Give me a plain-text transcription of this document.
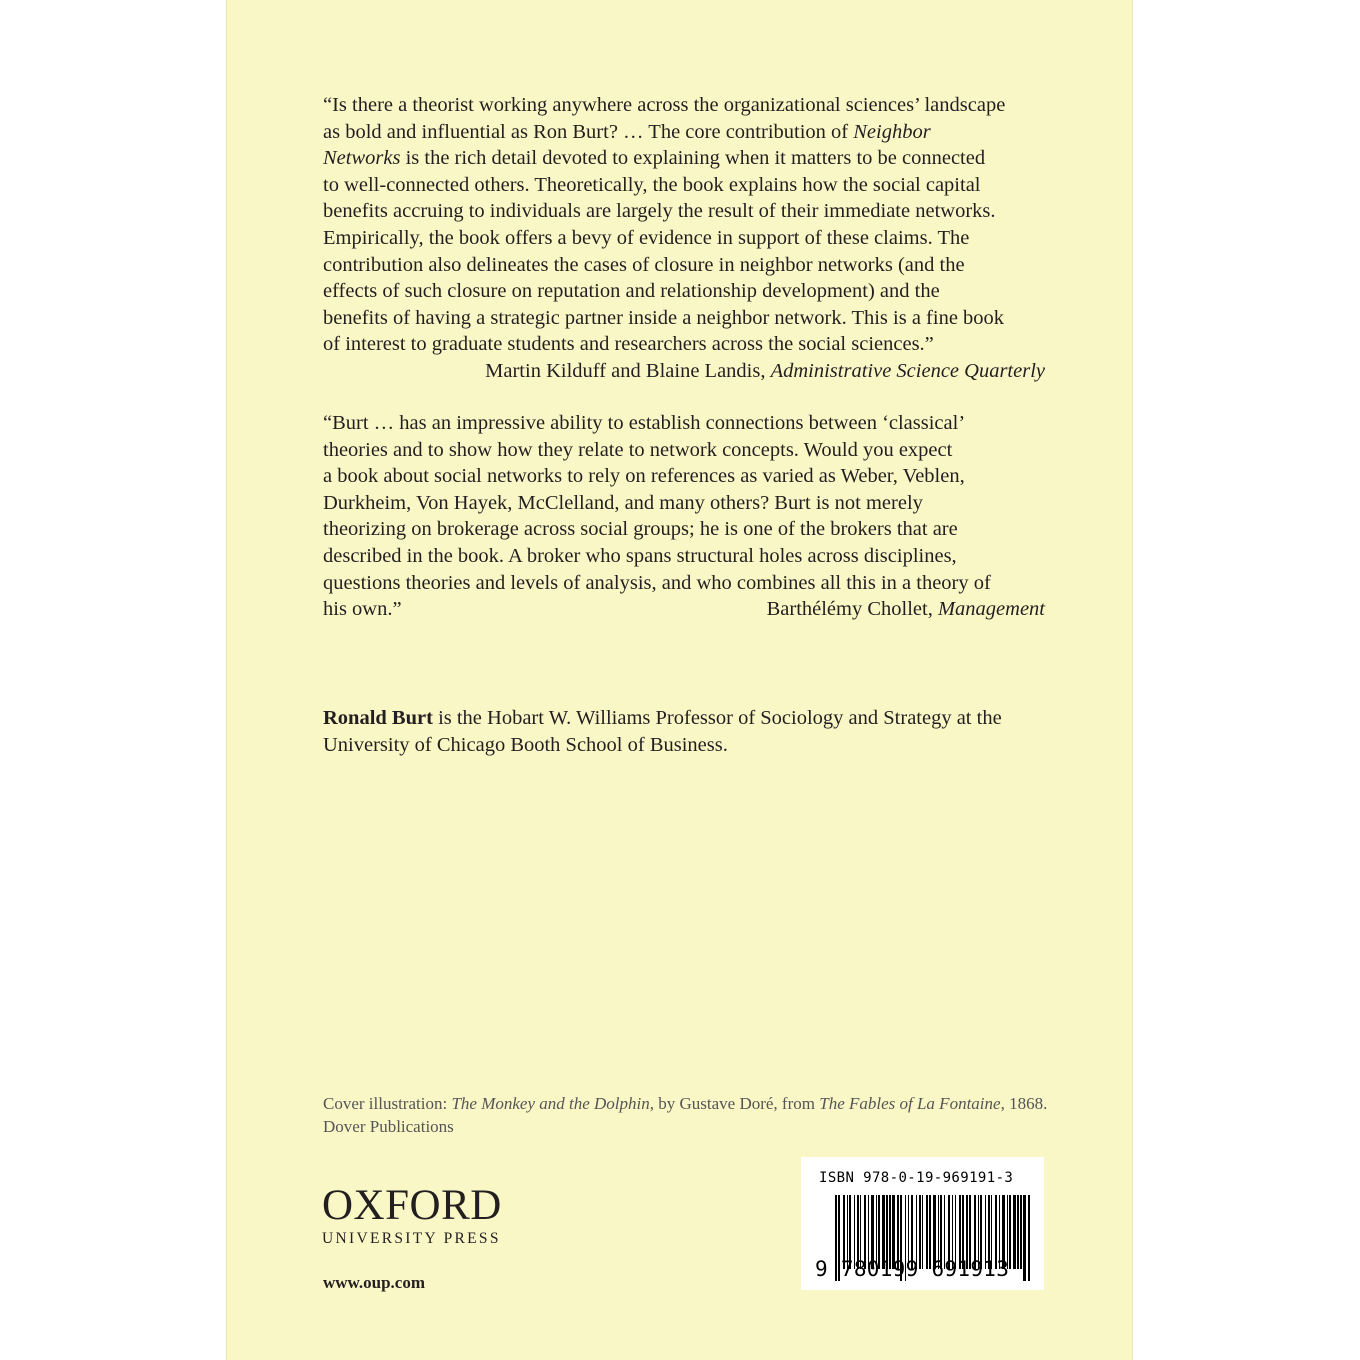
“Is there a theorist working anywhere across the organizational sciences’ landscape
as bold and influential as Ron Burt? … The core contribution of Neighbor
Networks is the rich detail devoted to explaining when it matters to be connected
to well-connected others. Theoretically, the book explains how the social capital
benefits accruing to individuals are largely the result of their immediate networks.
Empirically, the book offers a bevy of evidence in support of these claims. The
contribution also delineates the cases of closure in neighbor networks (and the
effects of such closure on reputation and relationship development) and the
benefits of having a strategic partner inside a neighbor network. This is a fine book
of interest to graduate students and researchers across the social sciences.”
Martin Kilduff and Blaine Landis, Administrative Science Quarterly
“Burt … has an impressive ability to establish connections between ‘classical’
theories and to show how they relate to network concepts. Would you expect
a book about social networks to rely on references as varied as Weber, Veblen,
Durkheim, Von Hayek, McClelland, and many others? Burt is not merely
theorizing on brokerage across social groups; he is one of the brokers that are
described in the book. A broker who spans structural holes across disciplines,
questions theories and levels of analysis, and who combines all this in a theory of
his own.”	Barthélémy Chollet, Management
Ronald Burt is the Hobart W. Williams Professor of Sociology and Strategy at the
University of Chicago Booth School of Business.
Cover illustration: The Monkey and the Dolphin, by Gustave Doré, from The Fables of La Fontaine, 1868.
Dover Publications
OXFORD
UNIVERSITY PRESS
www.oup.com
ISBN 978-0-19-969191-3
9 780199 691913
